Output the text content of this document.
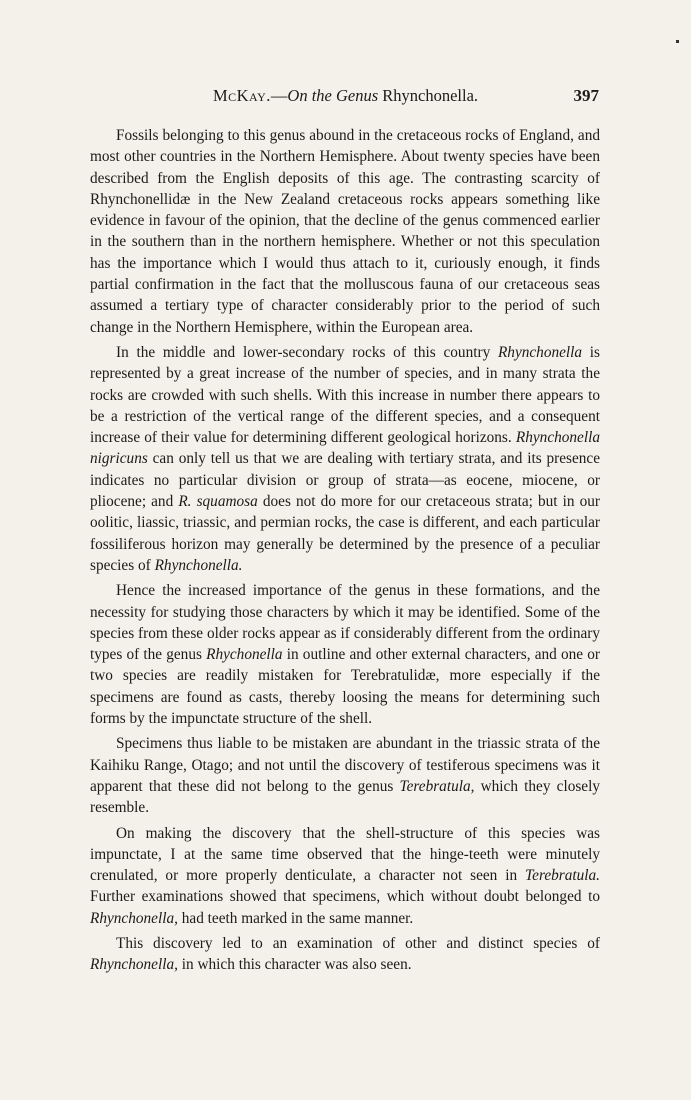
McKay.—On the Genus Rhynchonella.	397

Fossils belonging to this genus abound in the cretaceous rocks of England, and most other countries in the Northern Hemisphere. About twenty species have been described from the English deposits of this age. The contrasting scarcity of Rhynchonellidæ in the New Zealand cretaceous rocks appears something like evidence in favour of the opinion, that the decline of the genus commenced earlier in the southern than in the northern hemisphere. Whether or not this speculation has the importance which I would thus attach to it, curiously enough, it finds partial confirmation in the fact that the molluscous fauna of our cretaceous seas assumed a tertiary type of character considerably prior to the period of such change in the Northern Hemisphere, within the European area.

In the middle and lower-secondary rocks of this country Rhynchonella is represented by a great increase of the number of species, and in many strata the rocks are crowded with such shells. With this increase in number there appears to be a restriction of the vertical range of the different species, and a consequent increase of their value for determining different geological horizons. Rhynchonella nigricuns can only tell us that we are dealing with tertiary strata, and its presence indicates no particular division or group of strata—as eocene, miocene, or pliocene; and R. squamosa does not do more for our cretaceous strata; but in our oolitic, liassic, triassic, and permian rocks, the case is different, and each particular fossiliferous horizon may generally be determined by the presence of a peculiar species of Rhynchonella.

Hence the increased importance of the genus in these formations, and the necessity for studying those characters by which it may be identified. Some of the species from these older rocks appear as if considerably different from the ordinary types of the genus Rhychonella in outline and other external characters, and one or two species are readily mistaken for Terebratulidæ, more especially if the specimens are found as casts, thereby loosing the means for determining such forms by the impunctate structure of the shell.

Specimens thus liable to be mistaken are abundant in the triassic strata of the Kaihiku Range, Otago; and not until the discovery of testiferous specimens was it apparent that these did not belong to the genus Terebratula, which they closely resemble.

On making the discovery that the shell-structure of this species was impunctate, I at the same time observed that the hinge-teeth were minutely crenulated, or more properly denticulate, a character not seen in Terebratula. Further examinations showed that specimens, which without doubt belonged to Rhynchonella, had teeth marked in the same manner.

This discovery led to an examination of other and distinct species of Rhynchonella, in which this character was also seen.
